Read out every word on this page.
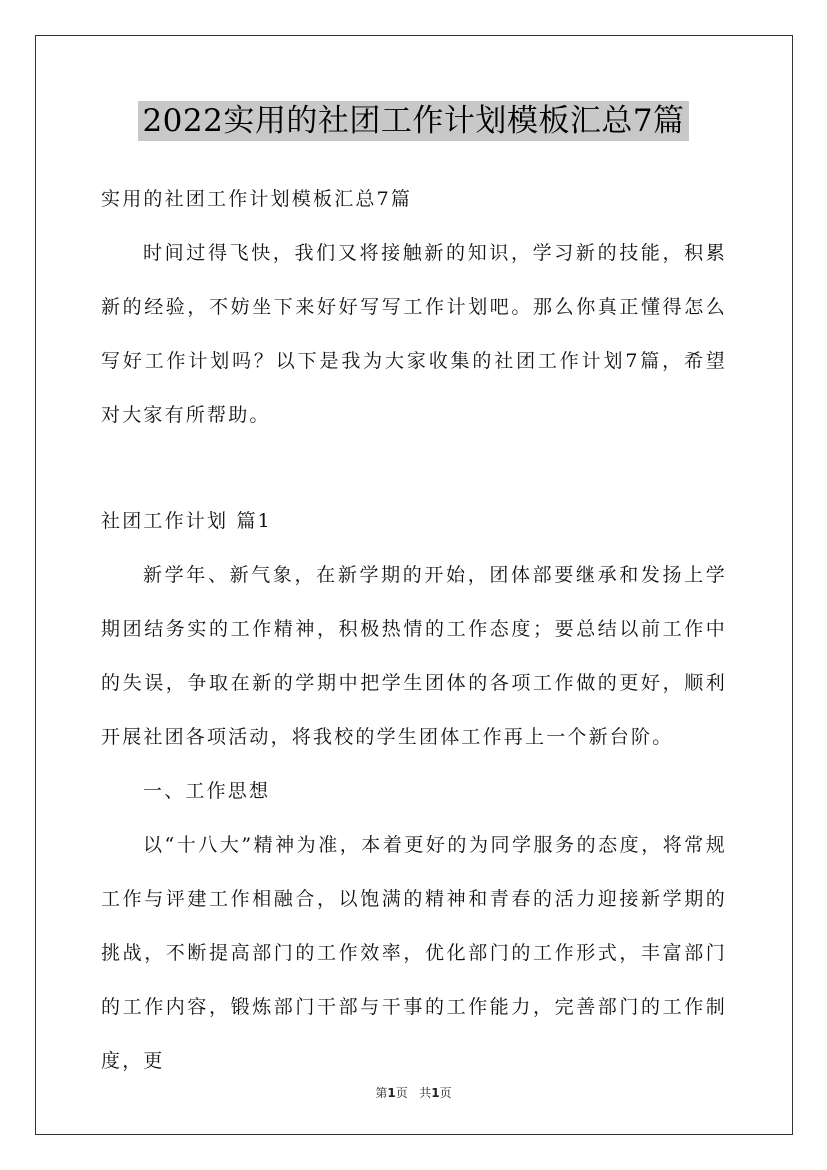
2022实用的社团工作计划模板汇总7篇

实用的社团工作计划模板汇总7篇

时间过得飞快，我们又将接触新的知识，学习新的技能，积累新的经验，不妨坐下来好好写写工作计划吧。那么你真正懂得怎么写好工作计划吗？以下是我为大家收集的社团工作计划7篇，希望对大家有所帮助。

社团工作计划 篇1

新学年、新气象，在新学期的开始，团体部要继承和发扬上学期团结务实的工作精神，积极热情的工作态度；要总结以前工作中的失误，争取在新的学期中把学生团体的各项工作做的更好，顺利开展社团各项活动，将我校的学生团体工作再上一个新台阶。

一、工作思想

以“十八大”精神为准，本着更好的为同学服务的态度，将常规工作与评建工作相融合，以饱满的精神和青春的活力迎接新学期的挑战，不断提高部门的工作效率，优化部门的工作形式，丰富部门的工作内容，锻炼部门干部与干事的工作能力，完善部门的工作制度，更

第1页 共1页
